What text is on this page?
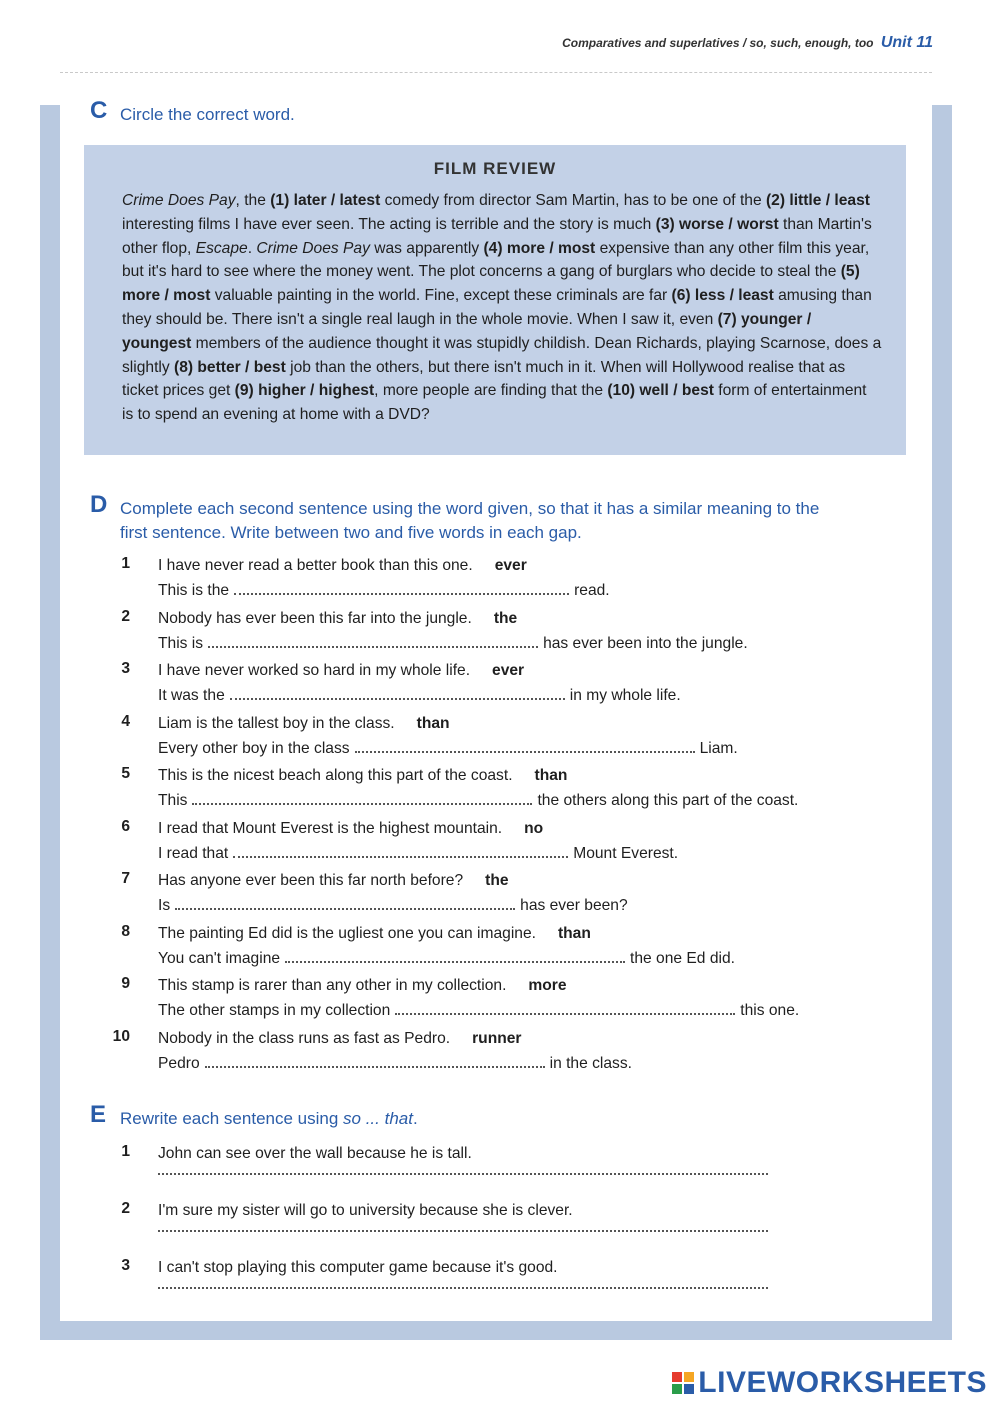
Comparatives and superlatives / so, such, enough, too Unit 11
C Circle the correct word.
FILM REVIEW
Crime Does Pay, the (1) later / latest comedy from director Sam Martin, has to be one of the (2) little / least interesting films I have ever seen. The acting is terrible and the story is much (3) worse / worst than Martin's other flop, Escape. Crime Does Pay was apparently (4) more / most expensive than any other film this year, but it's hard to see where the money went. The plot concerns a gang of burglars who decide to steal the (5) more / most valuable painting in the world. Fine, except these criminals are far (6) less / least amusing than they should be. There isn't a single real laugh in the whole movie. When I saw it, even (7) younger / youngest members of the audience thought it was stupidly childish. Dean Richards, playing Scarnose, does a slightly (8) better / best job than the others, but there isn't much in it. When will Hollywood realise that as ticket prices get (9) higher / highest, more people are finding that the (10) well / best form of entertainment is to spend an evening at home with a DVD?
D Complete each second sentence using the word given, so that it has a similar meaning to the
first sentence. Write between two and five words in each gap.
1 I have never read a better book than this one. ever
This is the	read.
2 Nobody has ever been this far into the jungle. the
This is	has ever been into the jungle.
3 I have never worked so hard in my whole life. ever
It was the	in my whole life.
4 Liam is the tallest boy in the class. than
Every other boy in the class	Liam.
5 This is the nicest beach along this part of the coast. than
This	the others along this part of the coast.
6 I read that Mount Everest is the highest mountain. no
I read that	Mount Everest.
7 Has anyone ever been this far north before? the
Is	has ever been?
8 The painting Ed did is the ugliest one you can imagine. than
You can't imagine	the one Ed did.
9 This stamp is rarer than any other in my collection. more
The other stamps in my collection	this one.
10 Nobody in the class runs as fast as Pedro. runner
Pedro	in the class.
E Rewrite each sentence using so ... that.
1 John can see over the wall because he is tall.
2 I'm sure my sister will go to university because she is clever.
3 I can't stop playing this computer game because it's good.
LIVEWORKSHEETS
